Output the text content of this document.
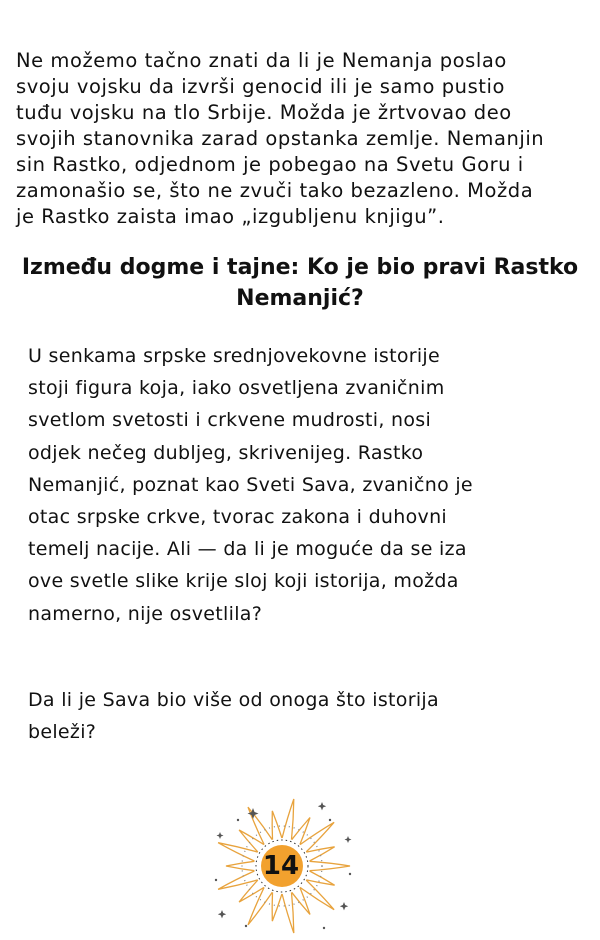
Ne možemo tačno znati da li je Nemanja poslao
svoju vojsku da izvrši genocid ili je samo pustio
tuđu vojsku na tlo Srbije. Možda je žrtvovao deo
svojih stanovnika zarad opstanka zemlje. Nemanjin
sin Rastko, odjednom je pobegao na Svetu Goru i
zamonašio se, što ne zvuči tako bezazleno. Možda
je Rastko zaista imao „izgubljenu knjigu”.
Između dogme i tajne: Ko je bio pravi Rastko
Nemanjić?
U senkama srpske srednjovekovne istorije
stoji figura koja, iako osvetljena zvaničnim
svetlom svetosti i crkvene mudrosti, nosi
odjek nečeg dubljeg, skrivenijeg. Rastko
Nemanjić, poznat kao Sveti Sava, zvanično je
otac srpske crkve, tvorac zakona i duhovni
temelj nacije. Ali — da li je moguće da se iza
ove svetle slike krije sloj koji istorija, možda
namerno, nije osvetlila?
Da li je Sava bio više od onoga što istorija
beleži?
14
